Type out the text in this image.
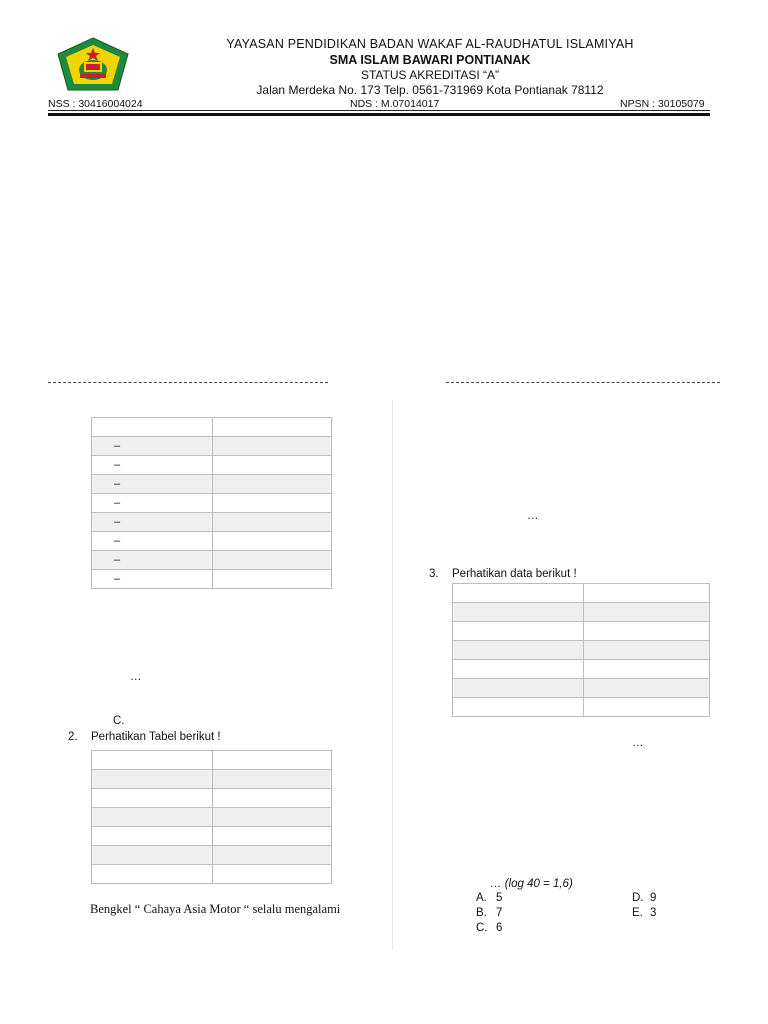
YAYASAN PENDIDIKAN BADAN WAKAF AL-RAUDHATUL ISLAMIYAH
SMA ISLAM BAWARI PONTIANAK
STATUS AKREDITASI “A”
Jalan Merdeka No. 173 Telp. 0561-731969 Kota Pontianak 78112
NSS : 30416004024	NDS : M.07014017	NPSN : 30105079

–	
–	
–	
–	
–	
–	
–	
–	
…
C.
2. Perhatikan Tabel berikut !

Bengkel “ Cahaya Asia Motor “ selalu mengalami
…
3. Perhatikan data berikut !

…
… (log 40 = 1,6)
A. 5
B. 7
C. 6
D. 9
E. 3
